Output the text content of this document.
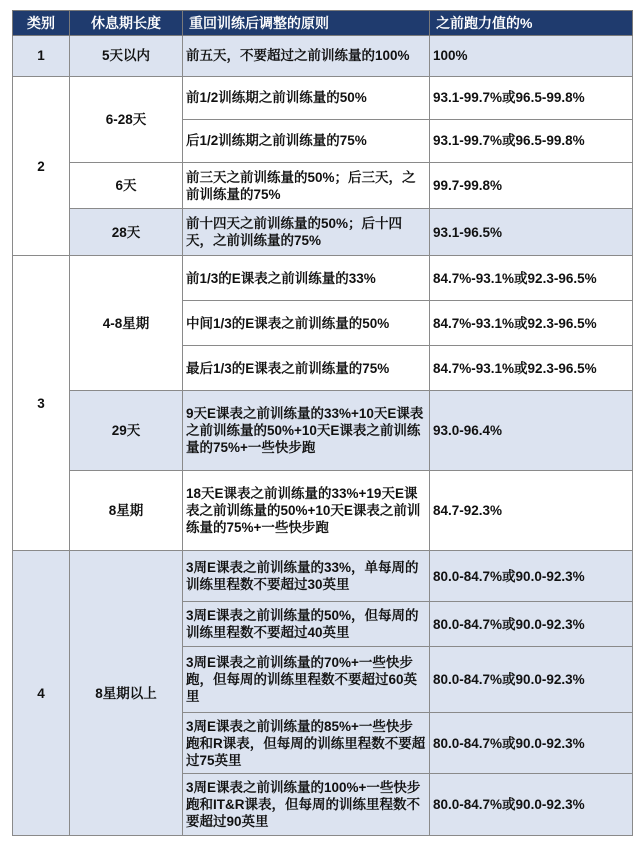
类别	休息期长度	重回训练后调整的原则	之前跑力值的%
1	5天以内	前五天，不要超过之前训练量的100%	100%
2	6-28天	前1/2训练期之前训练量的50%	93.1-99.7%或96.5-99.8%
		后1/2训练期之前训练量的75%	93.1-99.7%或96.5-99.8%
	6天	前三天之前训练量的50%；后三天，之前训练量的75%	99.7-99.8%
	28天	前十四天之前训练量的50%；后十四天，之前训练量的75%	93.1-96.5%
3	4-8星期	前1/3的E课表之前训练量的33%	84.7%-93.1%或92.3-96.5%
		中间1/3的E课表之前训练量的50%	84.7%-93.1%或92.3-96.5%
		最后1/3的E课表之前训练量的75%	84.7%-93.1%或92.3-96.5%
	29天	9天E课表之前训练量的33%+10天E课表之前训练量的50%+10天E课表之前训练量的75%+一些快步跑	93.0-96.4%
	8星期	18天E课表之前训练量的33%+19天E课表之前训练量的50%+10天E课表之前训练量的75%+一些快步跑	84.7-92.3%
4	8星期以上	3周E课表之前训练量的33%，单每周的训练里程数不要超过30英里	80.0-84.7%或90.0-92.3%
		3周E课表之前训练量的50%，但每周的训练里程数不要超过40英里	80.0-84.7%或90.0-92.3%
		3周E课表之前训练量的70%+一些快步跑，但每周的训练里程数不要超过60英里	80.0-84.7%或90.0-92.3%
		3周E课表之前训练量的85%+一些快步跑和R课表，但每周的训练里程数不要超过75英里	80.0-84.7%或90.0-92.3%
		3周E课表之前训练量的100%+一些快步跑和IT&R课表，但每周的训练里程数不要超过90英里	80.0-84.7%或90.0-92.3%
